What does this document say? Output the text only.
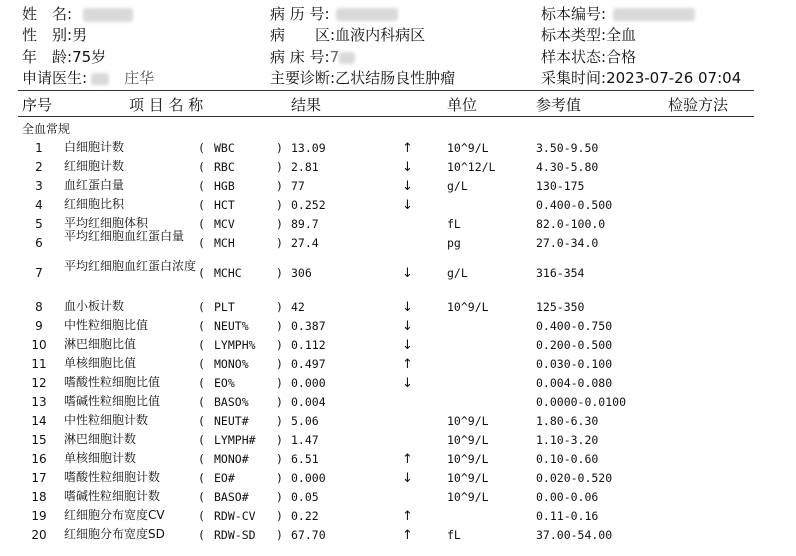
姓　名:
性　别:男
年　龄:75岁
申请医生:　庄华
病 历 号:
病　　区:血液内科病区
病 床 号:7
主要诊断:乙状结肠良性肿瘤
标本编号:
标本类型:全血
样本状态:合格
采集时间:2023-07-26 07:04
序号	项 目 名 称	结果	单位	参考值	检验方法
全血常规
1	白细胞计数	( WBC	) 13.09	↑	10^9/L	3.50-9.50
2	红细胞计数	( RBC	) 2.81	↓	10^12/L	4.30-5.80
3	血红蛋白量	( HGB	) 77	↓	g/L	130-175
4	红细胞比积	( HCT	) 0.252	↓	0.400-0.500
5	平均红细胞体积	( MCV	) 89.7	fL	82.0-100.0
6	平均红细胞血红蛋白量	( MCH	) 27.4	pg	27.0-34.0
7	平均红细胞血红蛋白浓度 ( MCHC	) 306	↓	g/L	316-354
8	血小板计数	( PLT	) 42	↓	10^9/L	125-350
9	中性粒细胞比值	( NEUT% ) 0.387	↓	0.400-0.750
10 淋巴细胞比值	( LYMPH% ) 0.112	↓	0.200-0.500
11 单核细胞比值	( MONO% ) 0.497	↑	0.030-0.100
12 嗜酸性粒细胞比值	( EO%	) 0.000	↓	0.004-0.080
13 嗜碱性粒细胞比值	( BASO% ) 0.004	0.0000-0.0100
14 中性粒细胞计数	( NEUT# ) 5.06	10^9/L	1.80-6.30
15 淋巴细胞计数	( LYMPH# ) 1.47	10^9/L	1.10-3.20
16 单核细胞计数	( MONO# ) 6.51	↑	10^9/L	0.10-0.60
17 嗜酸性粒细胞计数	( EO#	) 0.000	↓	10^9/L	0.020-0.520
18 嗜碱性粒细胞计数	( BASO# ) 0.05	10^9/L	0.00-0.06
19 红细胞分布宽度CV	( RDW-CV ) 0.22	↑	0.11-0.16
20 红细胞分布宽度SD	( RDW-SD ) 67.70	↑	fL	37.00-54.00
